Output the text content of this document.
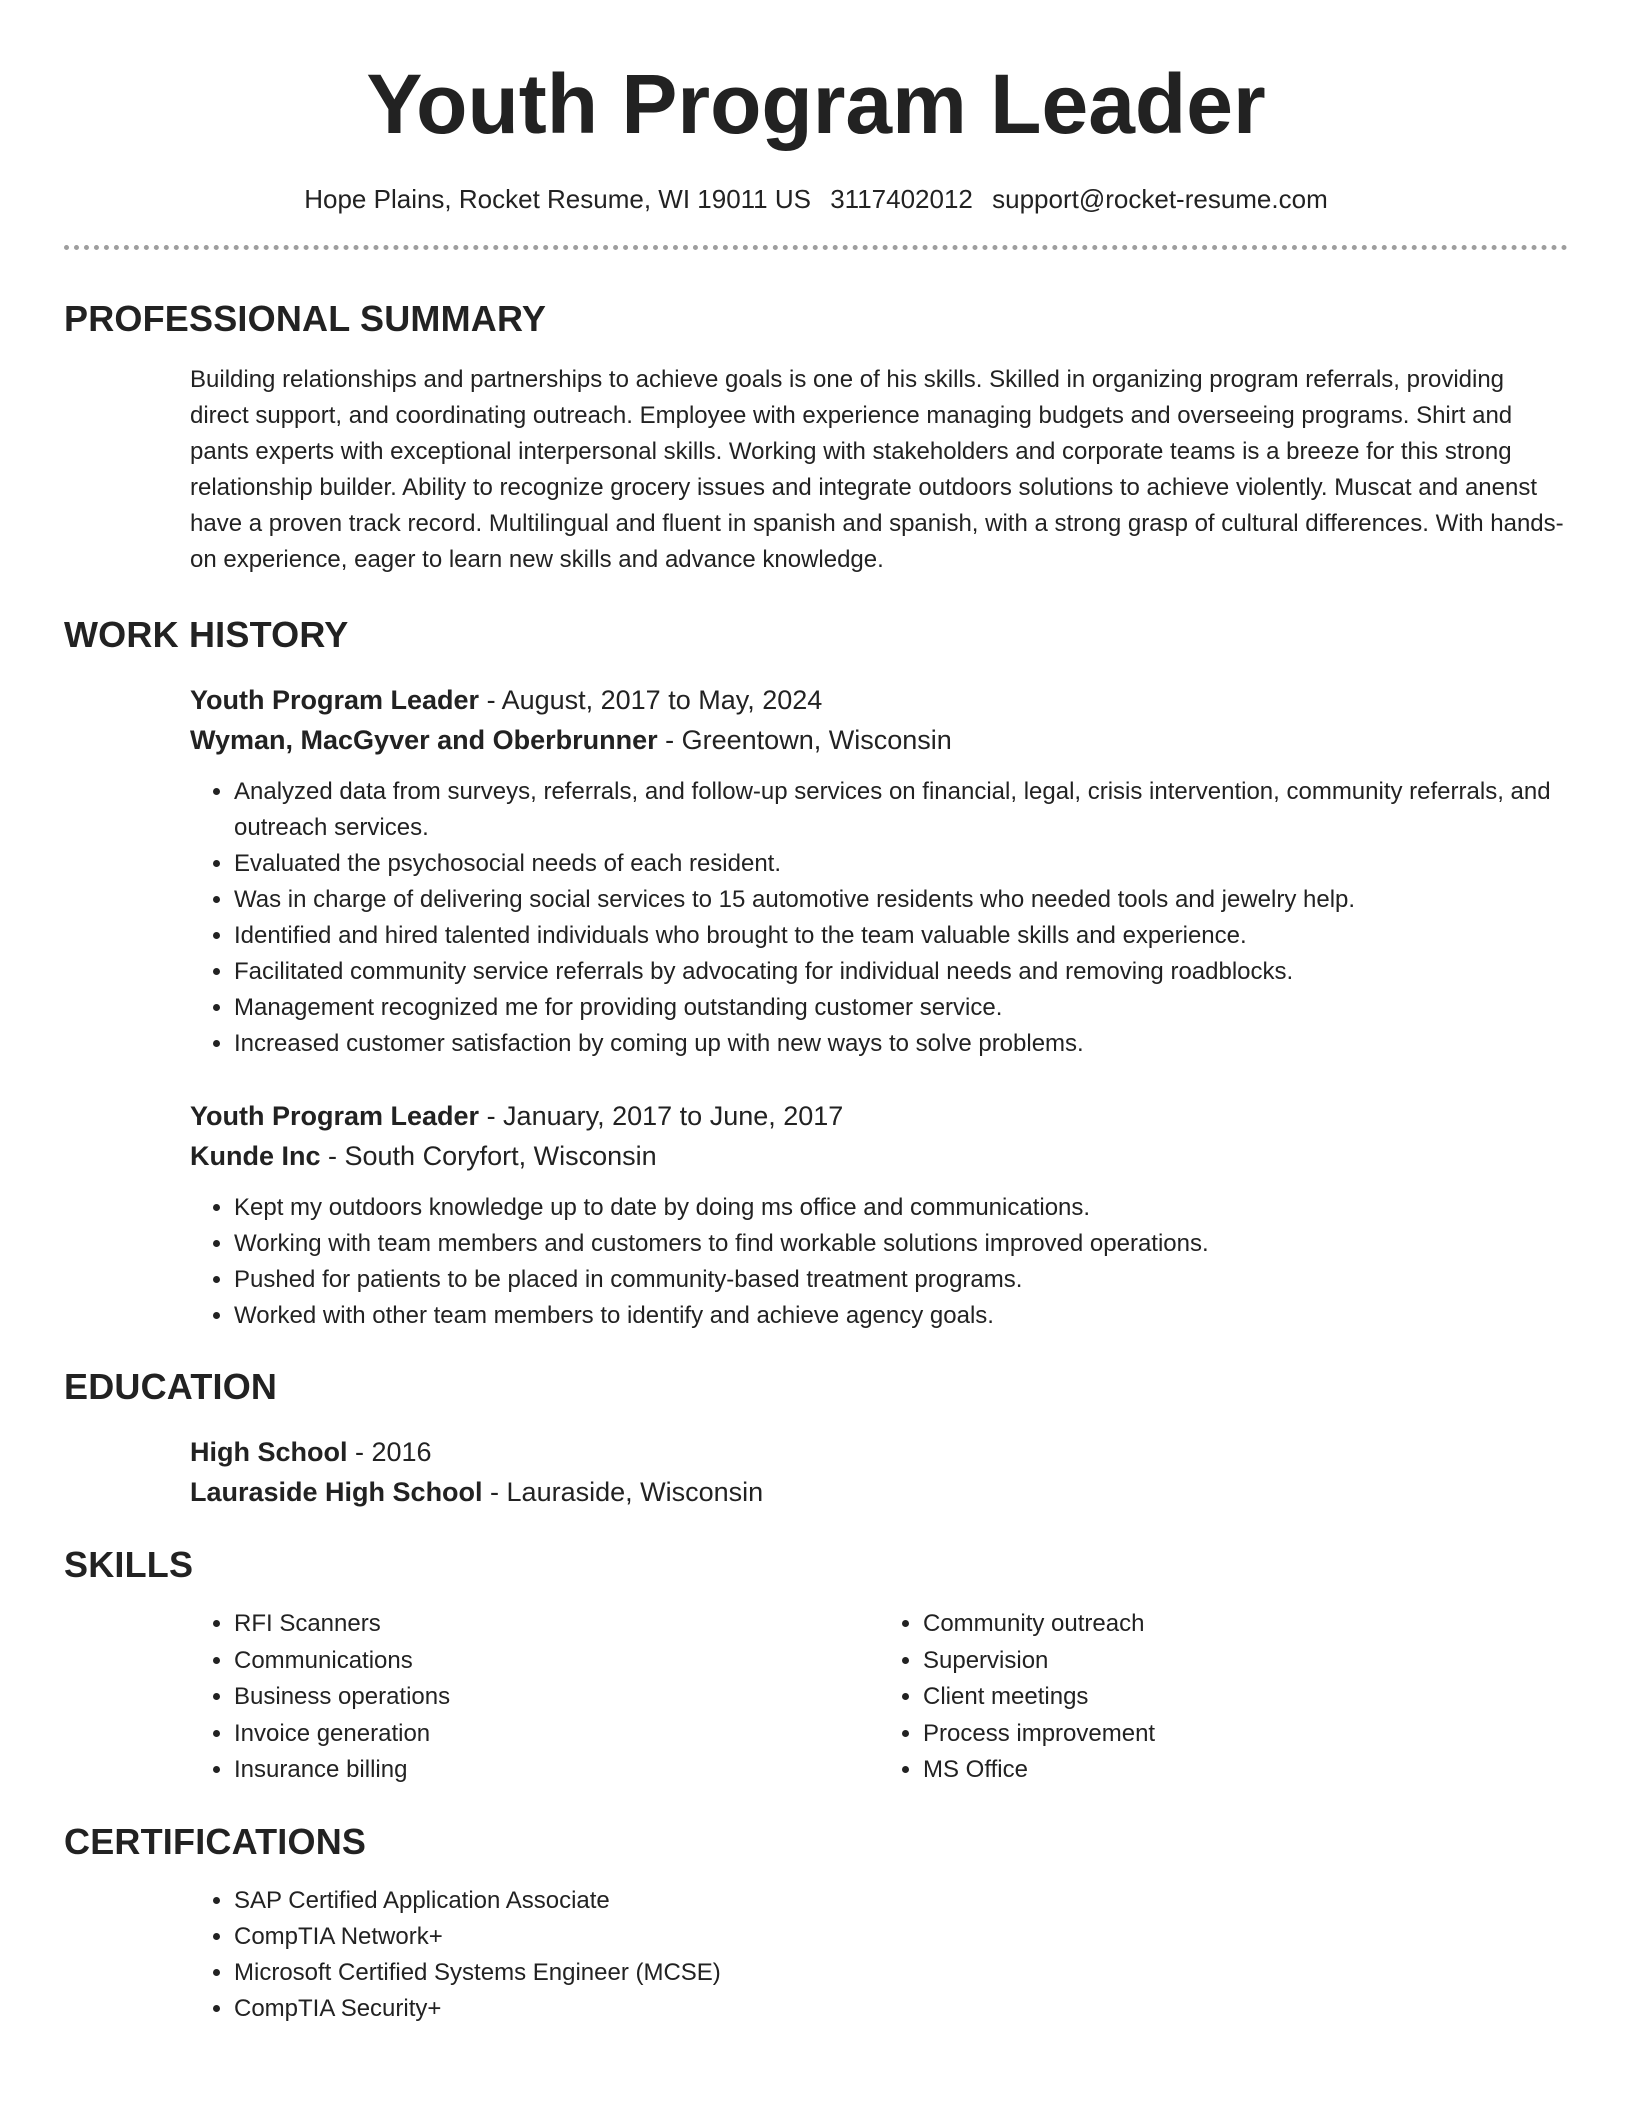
Youth Program Leader
Hope Plains, Rocket Resume, WI 19011 US 3117402012 support@rocket-resume.com
PROFESSIONAL SUMMARY

Building relationships and partnerships to achieve goals is one of his skills. Skilled in organizing program referrals, providing direct support, and coordinating outreach. Employee with experience managing budgets and overseeing programs. Shirt and pants experts with exceptional interpersonal skills. Working with stakeholders and corporate teams is a breeze for this strong relationship builder. Ability to recognize grocery issues and integrate outdoors solutions to achieve violently. Muscat and anenst have a proven track record. Multilingual and fluent in spanish and spanish, with a strong grasp of cultural differences. With hands-on experience, eager to learn new skills and advance knowledge.

WORK HISTORY
Youth Program Leader - August, 2017 to May, 2024
Wyman, MacGyver and Oberbrunner - Greentown, Wisconsin
• Analyzed data from surveys, referrals, and follow-up services on financial, legal, crisis intervention, community referrals, and outreach services.
• Evaluated the psychosocial needs of each resident.
• Was in charge of delivering social services to 15 automotive residents who needed tools and jewelry help.
• Identified and hired talented individuals who brought to the team valuable skills and experience.
• Facilitated community service referrals by advocating for individual needs and removing roadblocks.
• Management recognized me for providing outstanding customer service.
• Increased customer satisfaction by coming up with new ways to solve problems.
Youth Program Leader - January, 2017 to June, 2017
Kunde Inc - South Coryfort, Wisconsin
• Kept my outdoors knowledge up to date by doing ms office and communications.
• Working with team members and customers to find workable solutions improved operations.
• Pushed for patients to be placed in community-based treatment programs.
• Worked with other team members to identify and achieve agency goals.
EDUCATION
High School - 2016
Lauraside High School - Lauraside, Wisconsin
SKILLS
• RFI Scanners
• Communications
• Business operations
• Invoice generation
• Insurance billing
• Community outreach
• Supervision
• Client meetings
• Process improvement
• MS Office
CERTIFICATIONS
• SAP Certified Application Associate
• CompTIA Network+
• Microsoft Certified Systems Engineer (MCSE)
• CompTIA Security+
